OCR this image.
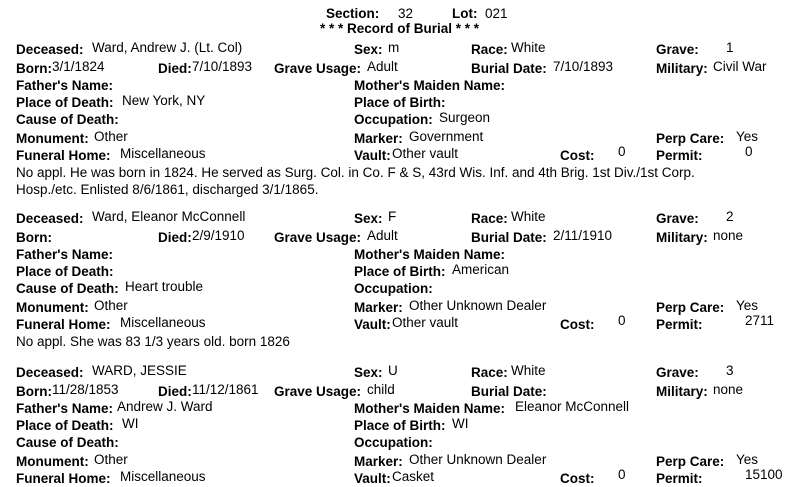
Section: 32	Lot: 021
* * * Record of Burial * * *
Deceased: Ward, Andrew J. (Lt. Col)	Sex: m	Race: White	Grave: 1
Born: 3/1/1824	Died: 7/10/1893 Grave Usage: Adult	Burial Date: 7/10/1893	Military: Civil War
Father's Name:	Mother's Maiden Name:
Place of Death: New York, NY	Place of Birth:
Cause of Death:	Occupation: Surgeon
Monument: Other	Marker: Government	Perp Care: Yes
Funeral Home: Miscellaneous	Vault: Other vault	Cost: 0 Permit:	0
No appl. He was born in 1824. He served as Surg. Col. in Co. F & S, 43rd Wis. Inf. and 4th Brig. 1st Div./1st Corp.
Hosp./etc. Enlisted 8/6/1861, discharged 3/1/1865.
Deceased: Ward, Eleanor McConnell	Sex: F	Race: White	Grave: 2
Born:	Died: 2/9/1910 Grave Usage: Adult	Burial Date: 2/11/1910	Military: none
Father's Name:	Mother's Maiden Name:
Place of Death:	Place of Birth: American
Cause of Death: Heart trouble	Occupation:
Monument: Other	Marker: Other Unknown Dealer	Perp Care: Yes
Funeral Home: Miscellaneous	Vault: Other vault	Cost: 0 Permit:	2711
No appl. She was 83 1/3 years old. born 1826
Deceased: WARD, JESSIE	Sex: U	Race: White	Grave: 3
Born: 11/28/1853	Died: 11/12/1861 Grave Usage: child	Burial Date:	Military: none
Father's Name: Andrew J. Ward	Mother's Maiden Name: Eleanor McConnell
Place of Death: WI	Place of Birth: WI
Cause of Death:	Occupation:
Monument: Other	Marker: Other Unknown Dealer	Perp Care: Yes
Funeral Home: Miscellaneous	Vault: Casket	Cost: 0 Permit:	15100
